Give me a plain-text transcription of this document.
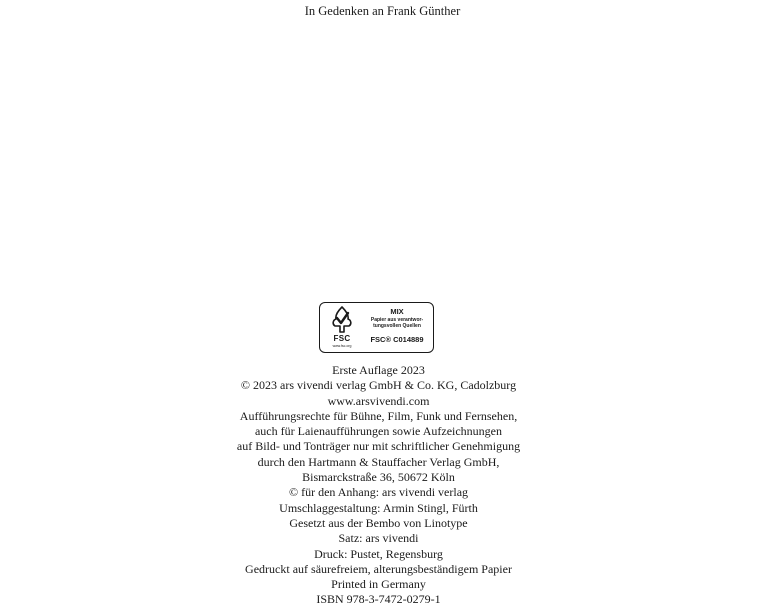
In Gedenken an Frank Günther
FSC
www.fsc.org
MIX
Papier aus verantwor-
tungsvollen Quellen
FSC® C014889
Erste Auflage 2023
© 2023 ars vivendi verlag GmbH & Co. KG, Cadolzburg
www.arsvivendi.com
Aufführungsrechte für Bühne, Film, Funk und Fernsehen,
auch für Laienaufführungen sowie Aufzeichnungen
auf Bild- und Tonträger nur mit schriftlicher Genehmigung
durch den Hartmann & Stauffacher Verlag GmbH,
Bismarckstraße 36, 50672 Köln
© für den Anhang: ars vivendi verlag
Umschlaggestaltung: Armin Stingl, Fürth
Gesetzt aus der Bembo von Linotype
Satz: ars vivendi
Druck: Pustet, Regensburg
Gedruckt auf säurefreiem, alterungsbeständigem Papier
Printed in Germany
ISBN 978-3-7472-0279-1
